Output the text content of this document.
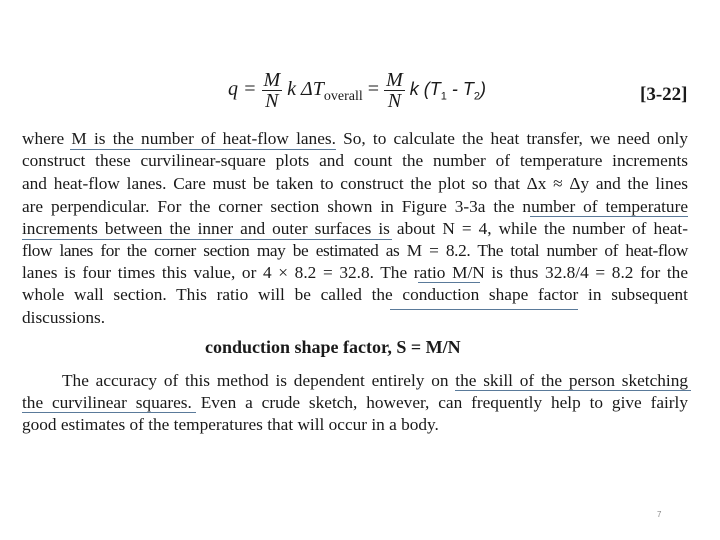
$q = \frac{M}{N}$ k $\Delta T_{overall} = \frac{M}{N}$ k $(T_1 - T_2)$	[3-22]
where M is the number of heat-flow lanes. So, to calculate the heat transfer, we need only
construct these curvilinear-square plots and count the number of temperature increments
and heat-flow lanes. Care must be taken to construct the plot so that Δx ≈ Δy and the lines
are perpendicular. For the corner section shown in Figure 3-3a the number of temperature
increments between the inner and outer surfaces is about N = 4, while the number of heat-
flow lanes for the corner section may be estimated as M = 8.2. The total number of heat-flow
lanes is four times this value, or 4 × 8.2 = 32.8. The ratio M/N is thus 32.8/4 = 8.2 for the
whole wall section. This ratio will be called the conduction shape factor in subsequent
discussions.
conduction shape factor, S = M/N
The accuracy of this method is dependent entirely on the skill of the person sketching
the curvilinear squares. Even a crude sketch, however, can frequently help to give fairly
good estimates of the temperatures that will occur in a body.
7
